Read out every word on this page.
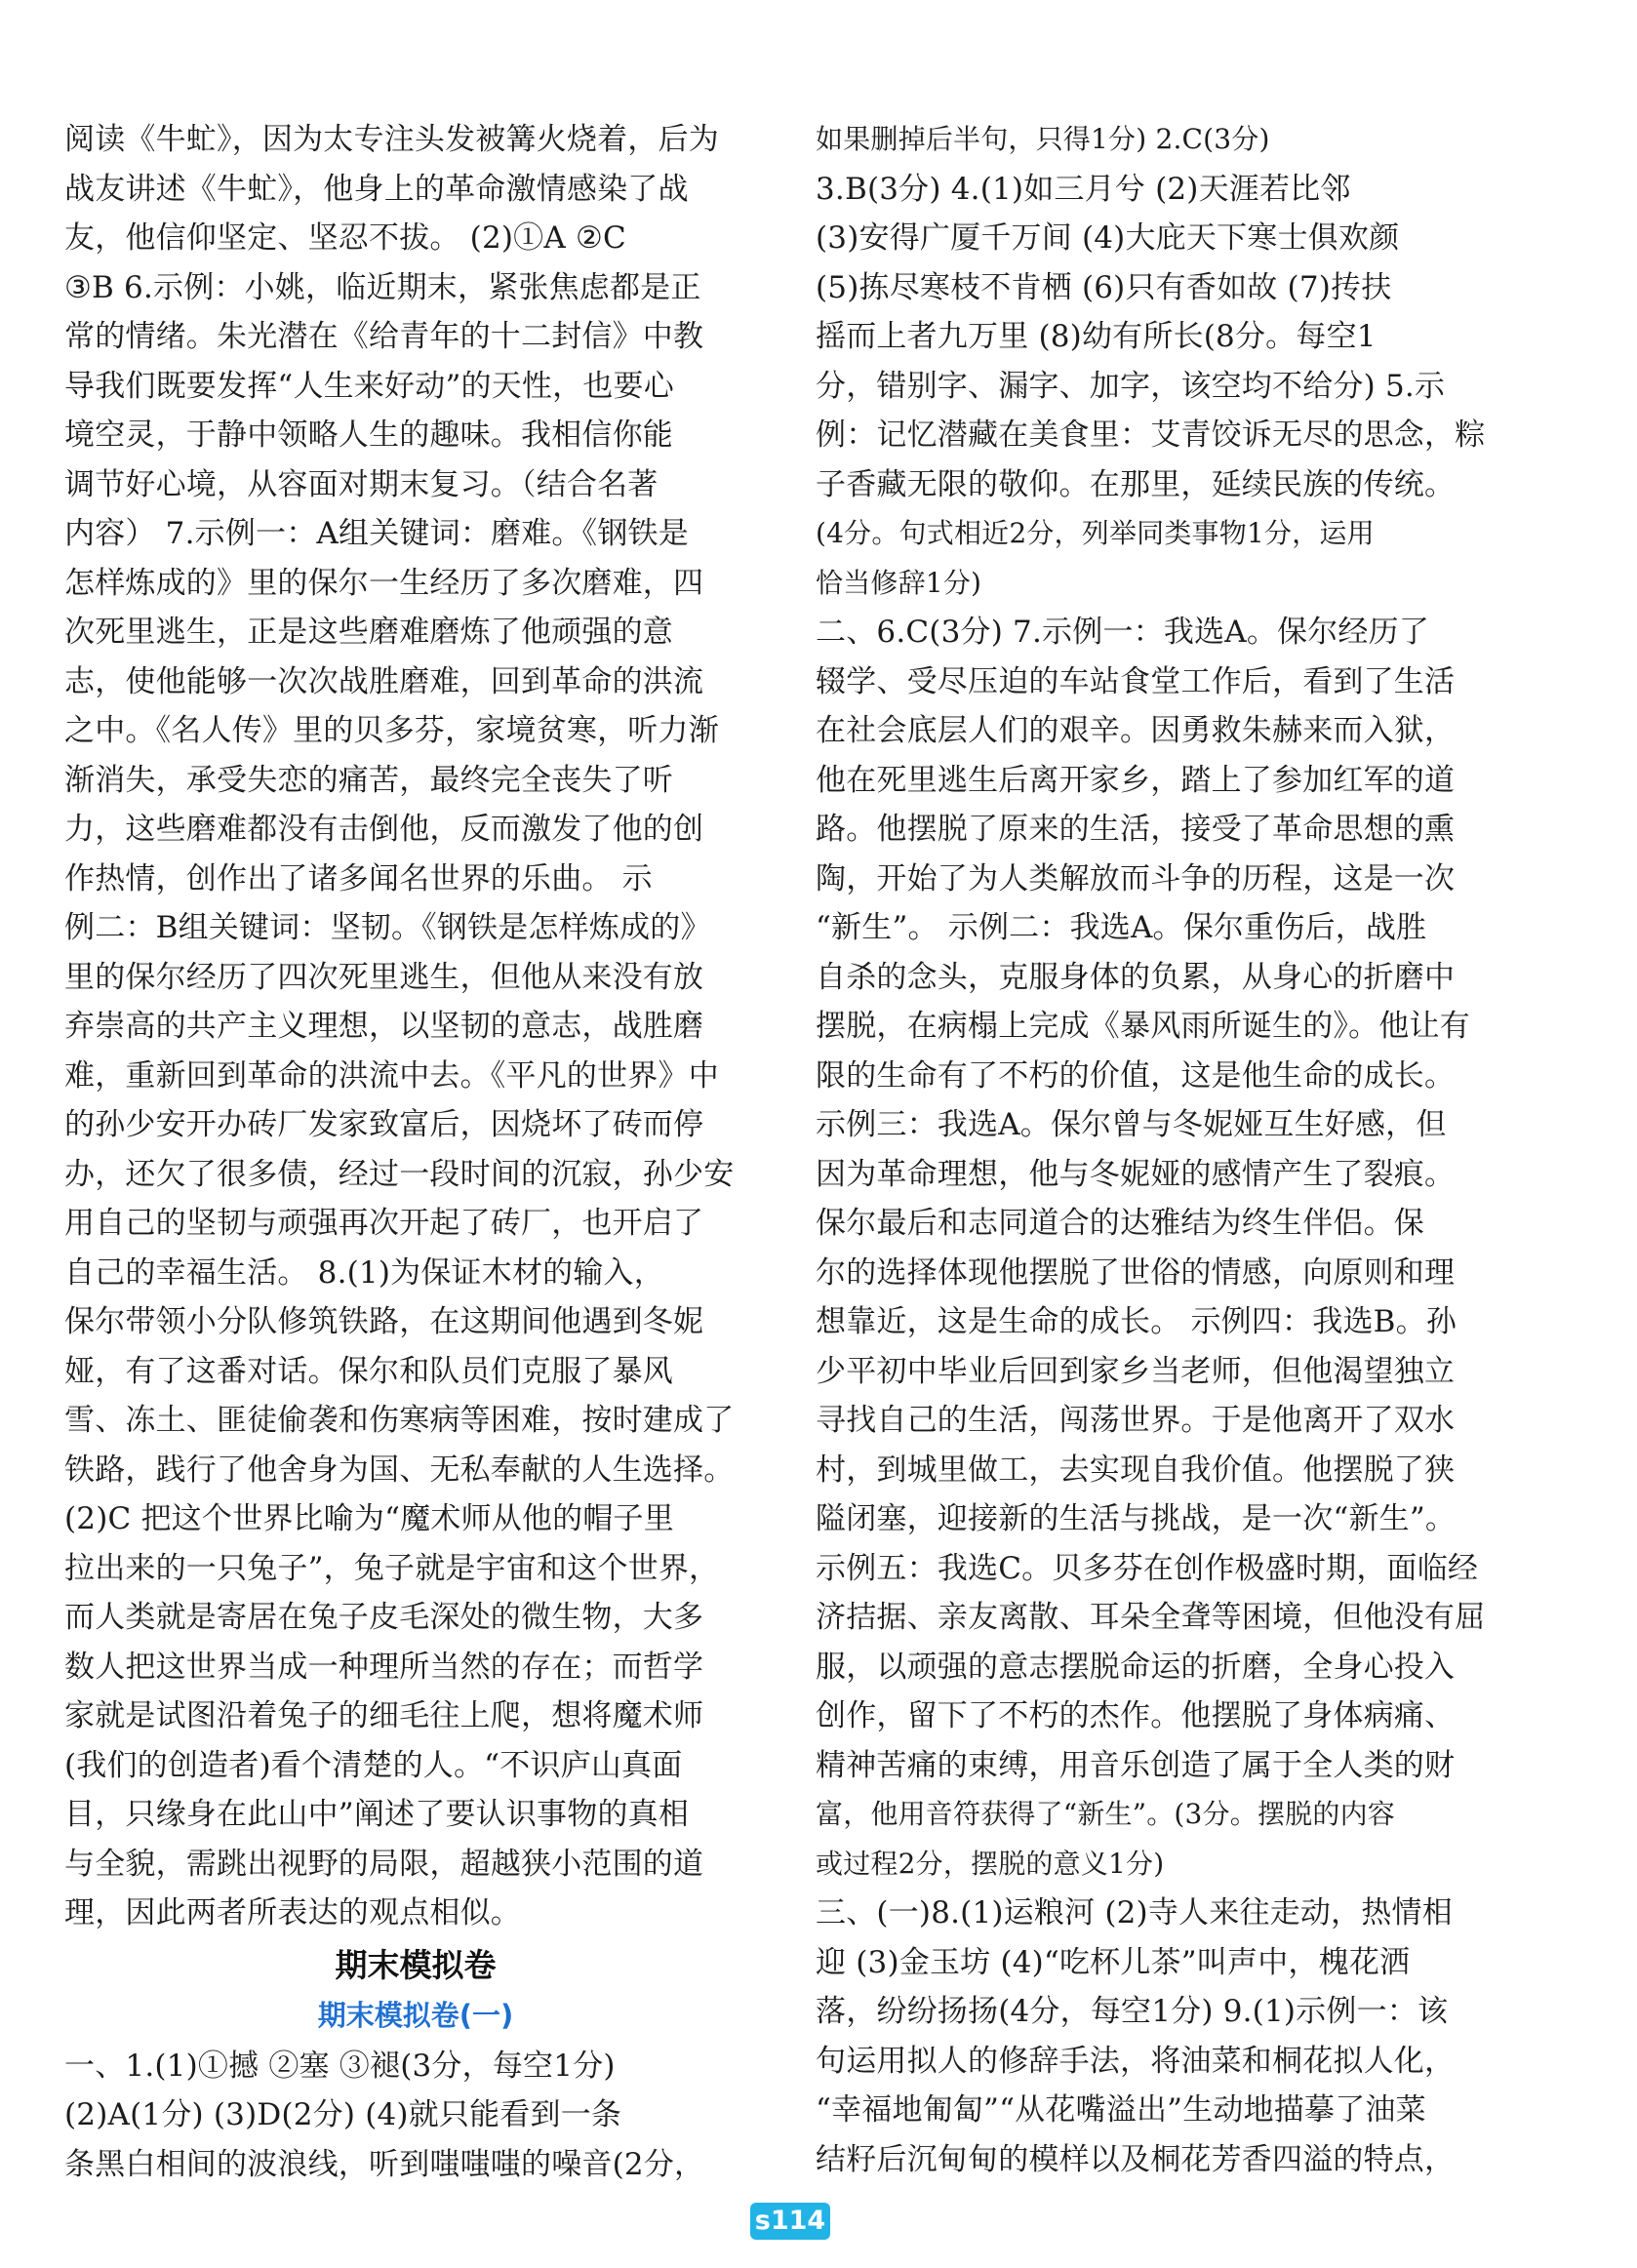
阅读《牛虻》，因为太专注头发被篝火烧着，后为
战友讲述《牛虻》，他身上的革命激情感染了战
友，他信仰坚定、坚忍不拔。 (2)①A ②C
③B 6.示例：小姚，临近期末，紧张焦虑都是正
常的情绪。朱光潜在《给青年的十二封信》中教
导我们既要发挥“人生来好动”的天性，也要心
境空灵，于静中领略人生的趣味。我相信你能
调节好心境，从容面对期末复习。（结合名著
内容） 7.示例一：A组关键词：磨难。《钢铁是
怎样炼成的》里的保尔一生经历了多次磨难，四
次死里逃生，正是这些磨难磨炼了他顽强的意
志，使他能够一次次战胜磨难，回到革命的洪流
之中。《名人传》里的贝多芬，家境贫寒，听力渐
渐消失，承受失恋的痛苦，最终完全丧失了听
力，这些磨难都没有击倒他，反而激发了他的创
作热情，创作出了诸多闻名世界的乐曲。 示
例二：B组关键词：坚韧。《钢铁是怎样炼成的》
里的保尔经历了四次死里逃生，但他从来没有放
弃崇高的共产主义理想，以坚韧的意志，战胜磨
难，重新回到革命的洪流中去。《平凡的世界》中
的孙少安开办砖厂发家致富后，因烧坏了砖而停
办，还欠了很多债，经过一段时间的沉寂，孙少安
用自己的坚韧与顽强再次开起了砖厂，也开启了
自己的幸福生活。 8.(1)为保证木材的输入，
保尔带领小分队修筑铁路，在这期间他遇到冬妮
娅，有了这番对话。保尔和队员们克服了暴风
雪、冻土、匪徒偷袭和伤寒病等困难，按时建成了
铁路，践行了他舍身为国、无私奉献的人生选择。
(2)C 把这个世界比喻为“魔术师从他的帽子里
拉出来的一只兔子”，兔子就是宇宙和这个世界，
而人类就是寄居在兔子皮毛深处的微生物，大多
数人把这世界当成一种理所当然的存在；而哲学
家就是试图沿着兔子的细毛往上爬，想将魔术师
(我们的创造者)看个清楚的人。“不识庐山真面
目，只缘身在此山中”阐述了要认识事物的真相
与全貌，需跳出视野的局限，超越狭小范围的道
理，因此两者所表达的观点相似。
期末模拟卷
期末模拟卷(一)
一、1.(1)①撼 ②塞 ③褪(3分，每空1分)
(2)A(1分) (3)D(2分) (4)就只能看到一条
条黑白相间的波浪线，听到嗤嗤嗤的噪音(2分，
如果删掉后半句，只得1分) 2.C(3分)
3.B(3分) 4.(1)如三月兮 (2)天涯若比邻
(3)安得广厦千万间 (4)大庇天下寒士俱欢颜
(5)拣尽寒枝不肯栖 (6)只有香如故 (7)抟扶
摇而上者九万里 (8)幼有所长(8分。每空1
分，错别字、漏字、加字，该空均不给分) 5.示
例：记忆潜藏在美食里：艾青饺诉无尽的思念，粽
子香藏无限的敬仰。在那里，延续民族的传统。
(4分。句式相近2分，列举同类事物1分，运用
恰当修辞1分)
二、6.C(3分) 7.示例一：我选A。保尔经历了
辍学、受尽压迫的车站食堂工作后，看到了生活
在社会底层人们的艰辛。因勇救朱赫来而入狱，
他在死里逃生后离开家乡，踏上了参加红军的道
路。他摆脱了原来的生活，接受了革命思想的熏
陶，开始了为人类解放而斗争的历程，这是一次
“新生”。 示例二：我选A。保尔重伤后，战胜
自杀的念头，克服身体的负累，从身心的折磨中
摆脱，在病榻上完成《暴风雨所诞生的》。他让有
限的生命有了不朽的价值，这是他生命的成长。
示例三：我选A。保尔曾与冬妮娅互生好感，但
因为革命理想，他与冬妮娅的感情产生了裂痕。
保尔最后和志同道合的达雅结为终生伴侣。保
尔的选择体现他摆脱了世俗的情感，向原则和理
想靠近，这是生命的成长。 示例四：我选B。孙
少平初中毕业后回到家乡当老师，但他渴望独立
寻找自己的生活，闯荡世界。于是他离开了双水
村，到城里做工，去实现自我价值。他摆脱了狭
隘闭塞，迎接新的生活与挑战，是一次“新生”。
示例五：我选C。贝多芬在创作极盛时期，面临经
济拮据、亲友离散、耳朵全聋等困境，但他没有屈
服，以顽强的意志摆脱命运的折磨，全身心投入
创作，留下了不朽的杰作。他摆脱了身体病痛、
精神苦痛的束缚，用音乐创造了属于全人类的财
富，他用音符获得了“新生”。(3分。摆脱的内容
或过程2分，摆脱的意义1分)
三、(一)8.(1)运粮河 (2)寺人来往走动，热情相
迎 (3)金玉坊 (4)“吃杯儿茶”叫声中，槐花洒
落，纷纷扬扬(4分，每空1分) 9.(1)示例一：该
句运用拟人的修辞手法，将油菜和桐花拟人化，
“幸福地匍匐”“从花嘴溢出”生动地描摹了油菜
结籽后沉甸甸的模样以及桐花芳香四溢的特点，
s114
